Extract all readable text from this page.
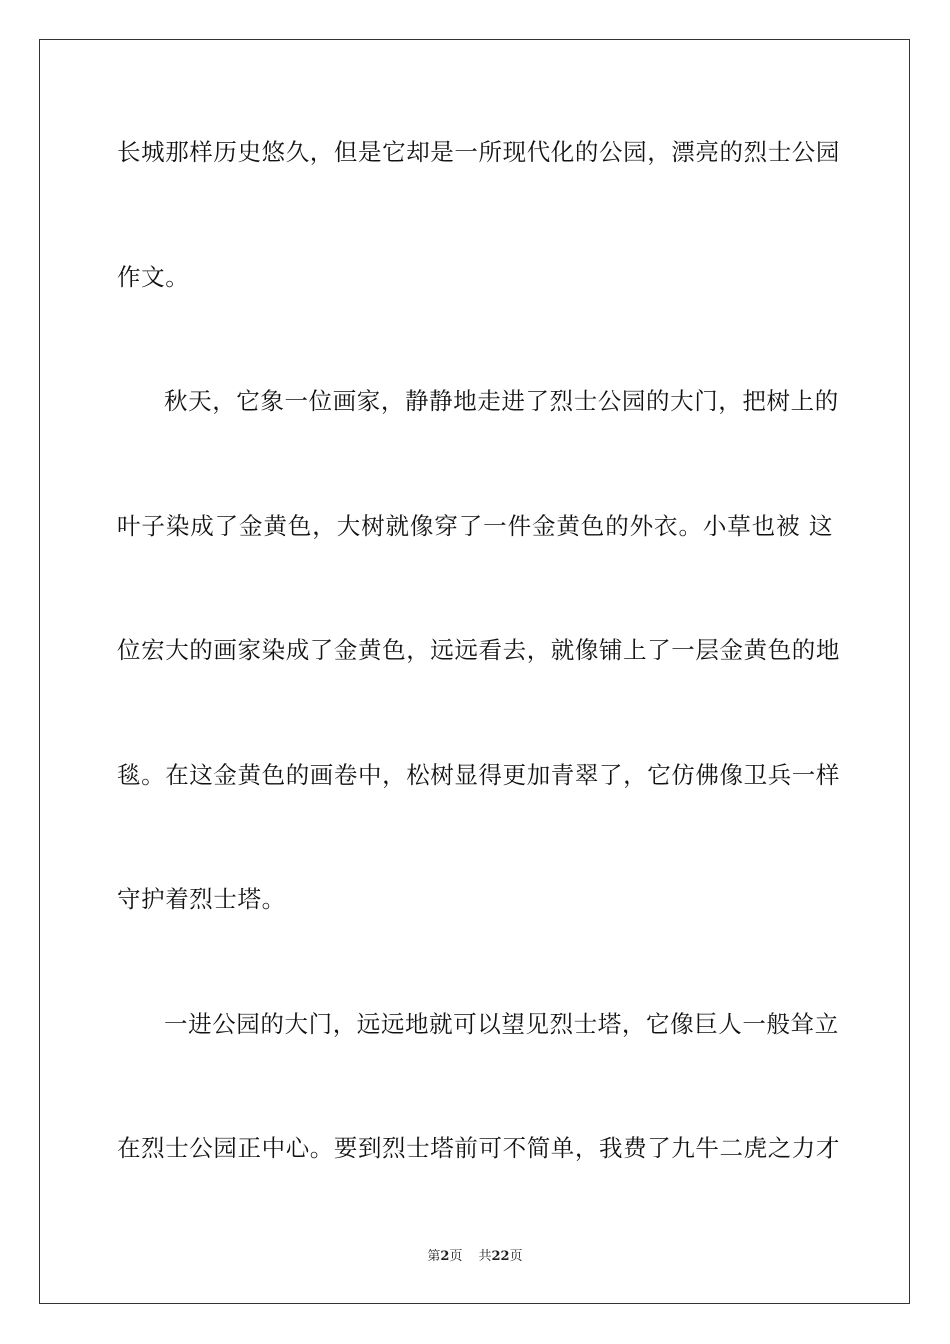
长城那样历史悠久，但是它却是一所现代化的公园，漂亮的烈士公园
作文。
秋天，它象一位画家，静静地走进了烈士公园的大门，把树上的
叶子染成了金黄色，大树就像穿了一件金黄色的外衣。小草也被 这
位宏大的画家染成了金黄色，远远看去，就像铺上了一层金黄色的地
毯。在这金黄色的画卷中，松树显得更加青翠了，它仿佛像卫兵一样
守护着烈士塔。
一进公园的大门，远远地就可以望见烈士塔，它像巨人一般耸立
在烈士公园正中心。要到烈士塔前可不简单，我费了九牛二虎之力才
第2页 共22页
